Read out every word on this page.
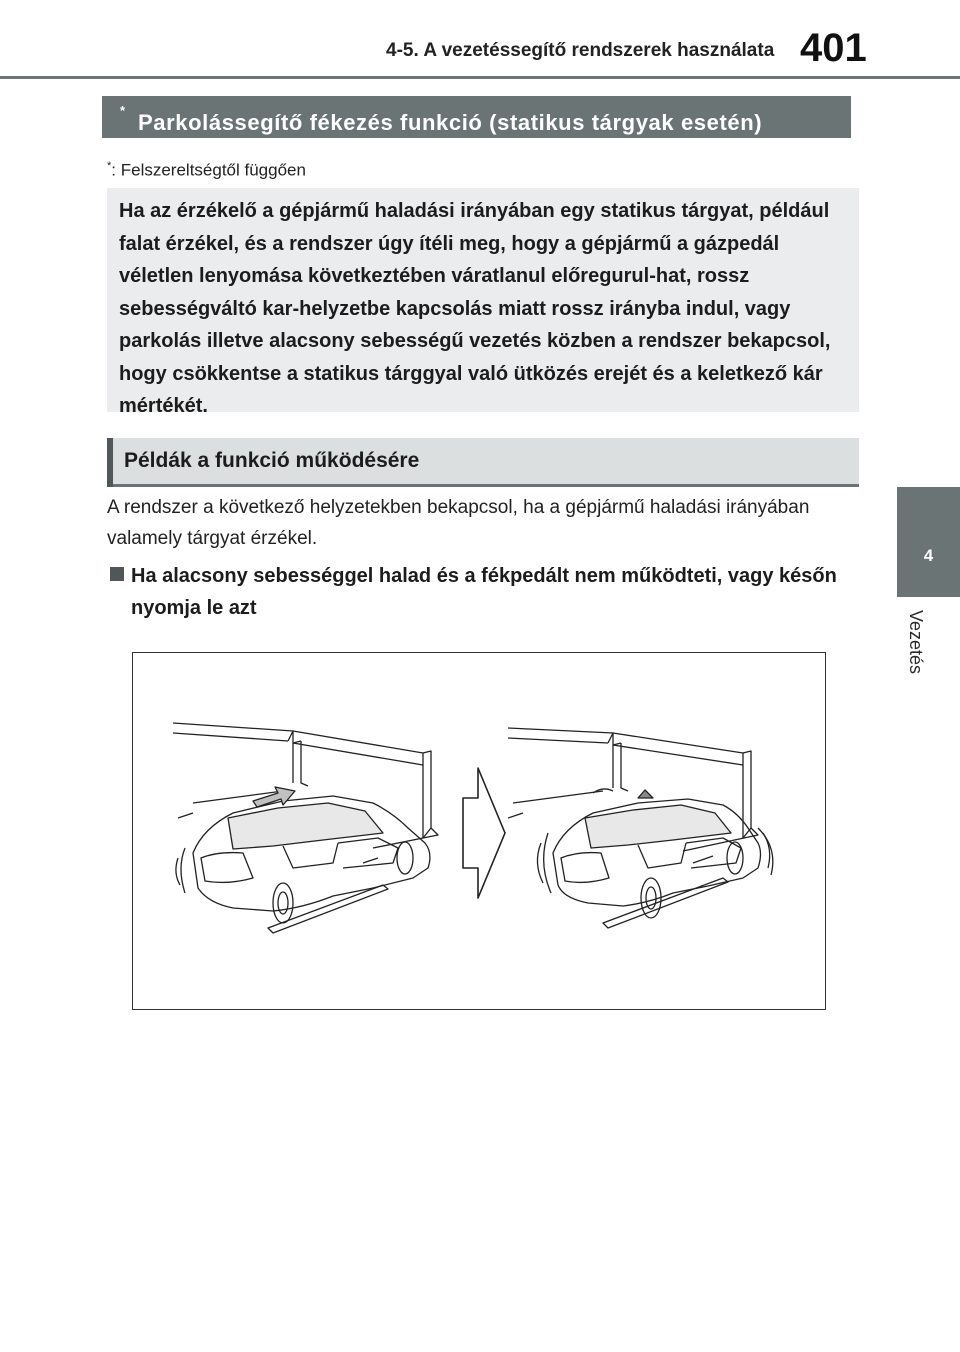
4-5. A vezetéssegítő rendszerek használata 401
4
Vezetés
Parkolássegítő fékezés funkció (statikus tárgyak esetén)
*
*: Felszereltségtől függően

Ha az érzékelő a gépjármű haladási irányában egy statikus tárgyat, például falat érzékel, és a rendszer úgy ítéli meg, hogy a gépjármű a gázpedál véletlen lenyomása következtében váratlanul előregurul-hat, rossz sebességváltó kar-helyzetbe kapcsolás miatt rossz irányba indul, vagy parkolás illetve alacsony sebességű vezetés közben a rendszer bekapcsol, hogy csökkentse a statikus tárggyal való ütközés erejét és a keletkező kár mértékét.

Példák a funkció működésére

A rendszer a következő helyzetekben bekapcsol, ha a gépjármű haladási irányában valamely tárgyat érzékel.

Ha alacsony sebességgel halad és a fékpedált nem működteti, vagy későn nyomja le azt
